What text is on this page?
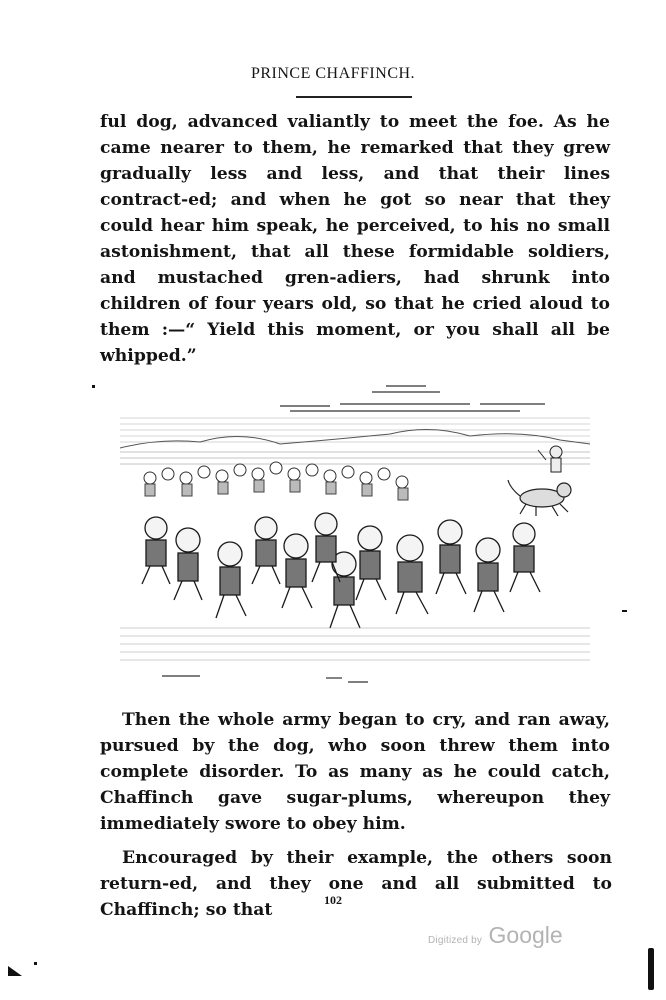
PRINCE CHAFFINCH.

ful dog, advanced valiantly to meet the foe. As he came nearer to them, he remarked that they grew gradually less and less, and that their lines contract-ed; and when he got so near that they could hear him speak, he perceived, to his no small astonishment, that all these formidable soldiers, and mustached gren-adiers, had shrunk into children of four years old, so that he cried aloud to them :—“ Yield this moment, or you shall all be whipped.”

Then the whole army began to cry, and ran away, pursued by the dog, who soon threw them into complete disorder. To as many as he could catch, Chaffinch gave sugar-plums, whereupon they immediately swore to obey him.

Encouraged by their example, the others soon return-ed, and they one and all submitted to Chaffinch; so that	102
Digitized by Google
